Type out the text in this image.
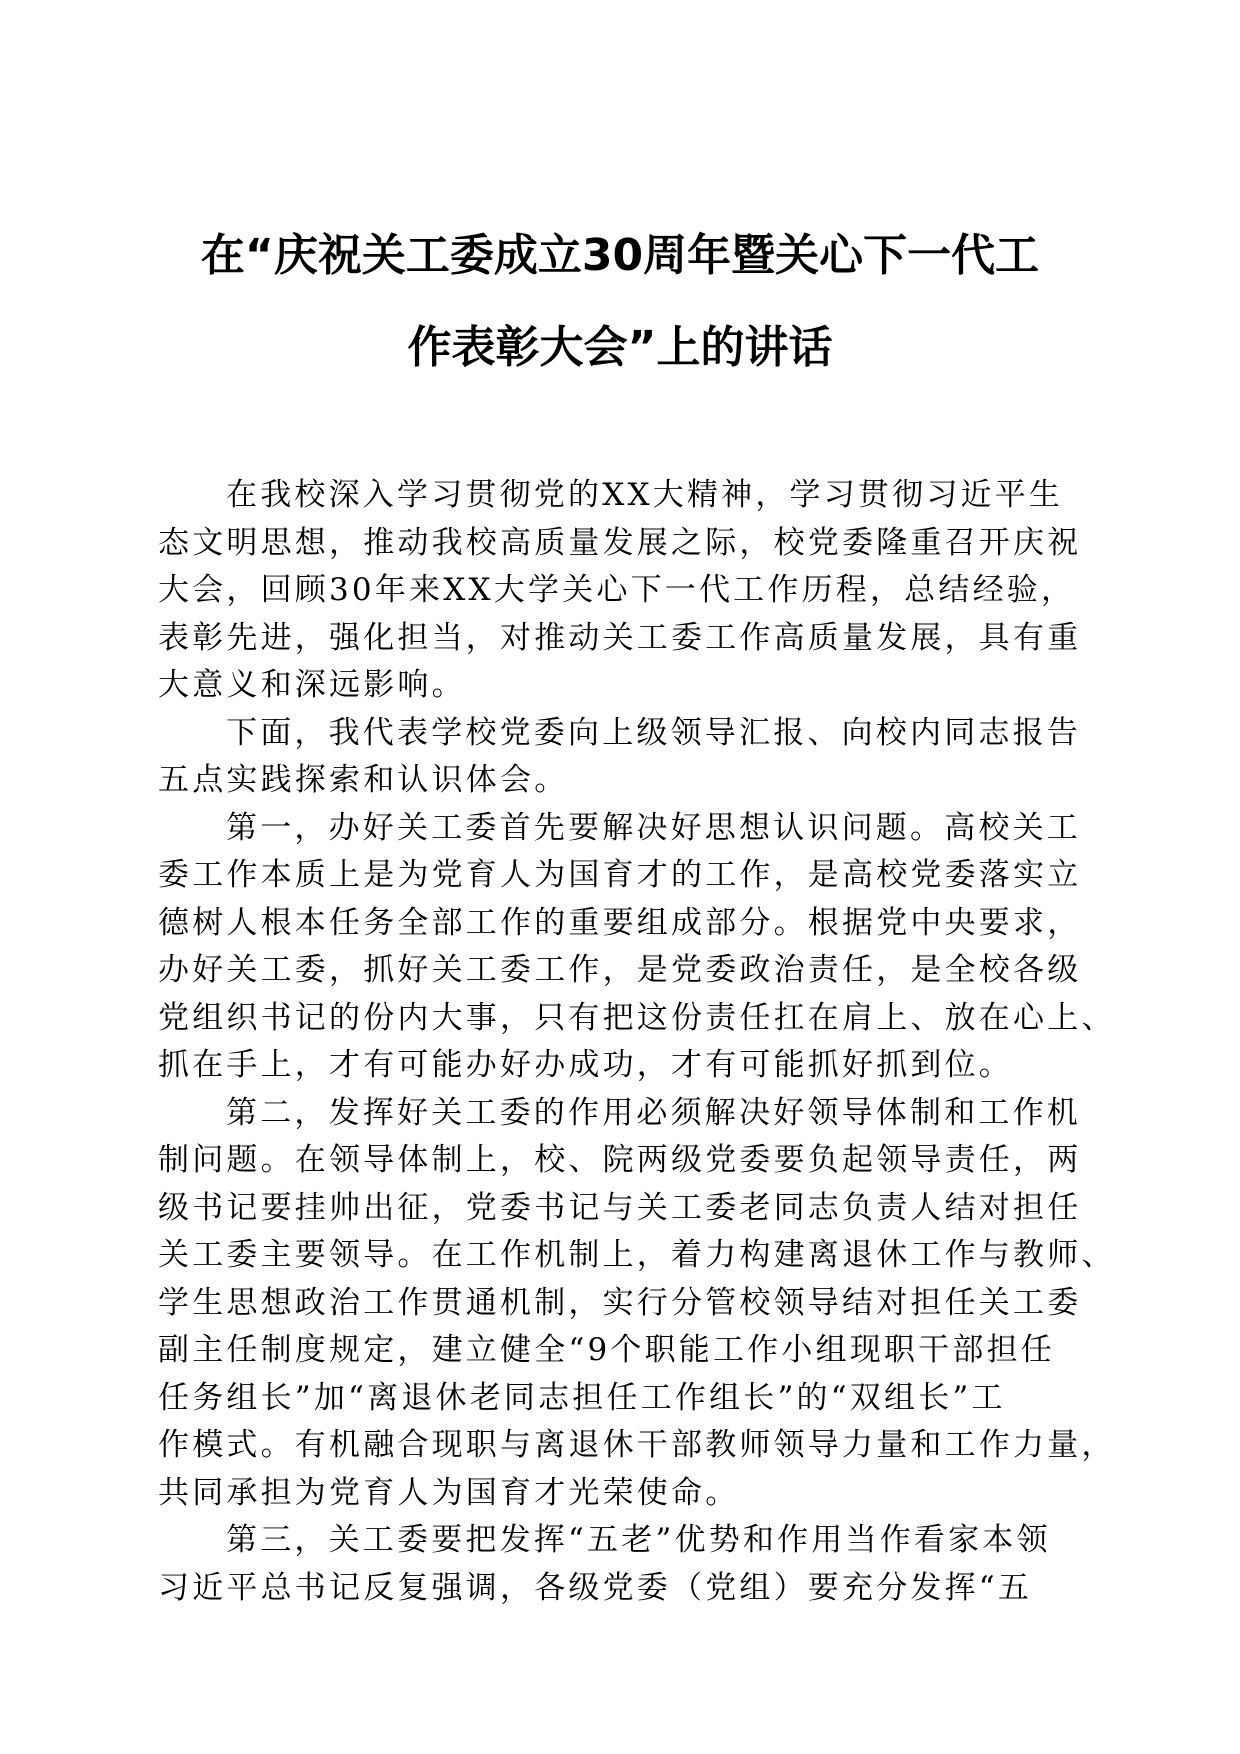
在“庆祝关工委成立30周年暨关心下一代工
作表彰大会”上的讲话
在我校深入学习贯彻党的XX大精神，学习贯彻习近平生
态文明思想，推动我校高质量发展之际，校党委隆重召开庆祝
大会，回顾30年来XX大学关心下一代工作历程，总结经验，
表彰先进，强化担当，对推动关工委工作高质量发展，具有重
大意义和深远影响。
下面，我代表学校党委向上级领导汇报、向校内同志报告
五点实践探索和认识体会。
第一，办好关工委首先要解决好思想认识问题。高校关工
委工作本质上是为党育人为国育才的工作，是高校党委落实立
德树人根本任务全部工作的重要组成部分。根据党中央要求，
办好关工委，抓好关工委工作，是党委政治责任，是全校各级
党组织书记的份内大事，只有把这份责任扛在肩上、放在心上、
抓在手上，才有可能办好办成功，才有可能抓好抓到位。
第二，发挥好关工委的作用必须解决好领导体制和工作机
制问题。在领导体制上，校、院两级党委要负起领导责任，两
级书记要挂帅出征，党委书记与关工委老同志负责人结对担任
关工委主要领导。在工作机制上，着力构建离退休工作与教师、
学生思想政治工作贯通机制，实行分管校领导结对担任关工委
副主任制度规定，建立健全“9个职能工作小组现职干部担任
任务组长”加“离退休老同志担任工作组长”的“双组长”工
作模式。有机融合现职与离退休干部教师领导力量和工作力量，
共同承担为党育人为国育才光荣使命。
第三，关工委要把发挥“五老”优势和作用当作看家本领
习近平总书记反复强调，各级党委（党组）要充分发挥“五
